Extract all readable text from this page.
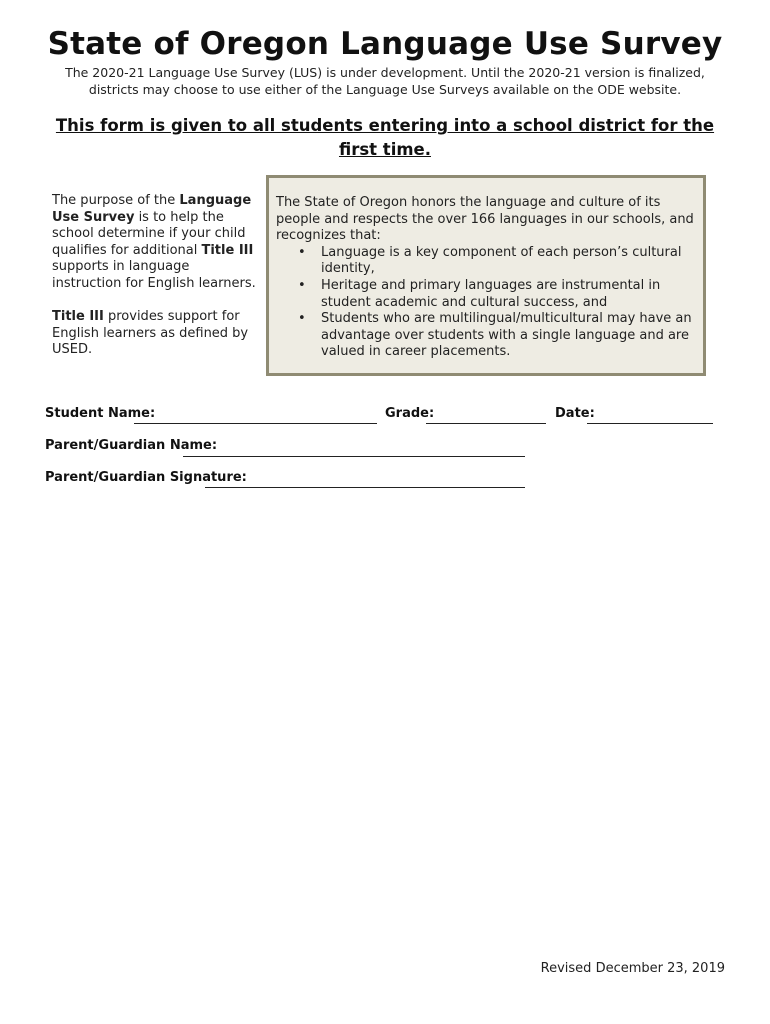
State of Oregon Language Use Survey
The 2020-21 Language Use Survey (LUS) is under development. Until the 2020-21 version is finalized, districts may choose to use either of the Language Use Surveys available on the ODE website.
This form is given to all students entering into a school district for the first time.

The purpose of the Language Use Survey is to help the school determine if your child qualifies for additional Title III supports in language instruction for English learners.

Title III provides support for English learners as defined by USED.

The State of Oregon honors the language and culture of its people and respects the over 166 languages in our schools, and recognizes that:
• Language is a key component of each person’s cultural identity,
• Heritage and primary languages are instrumental in student academic and cultural success, and
• Students who are multilingual/multicultural may have an advantage over students with a single language and are valued in career placements.
Student Name:	Grade:	Date:
Parent/Guardian Name:
Parent/Guardian Signature:
Revised December 23, 2019
